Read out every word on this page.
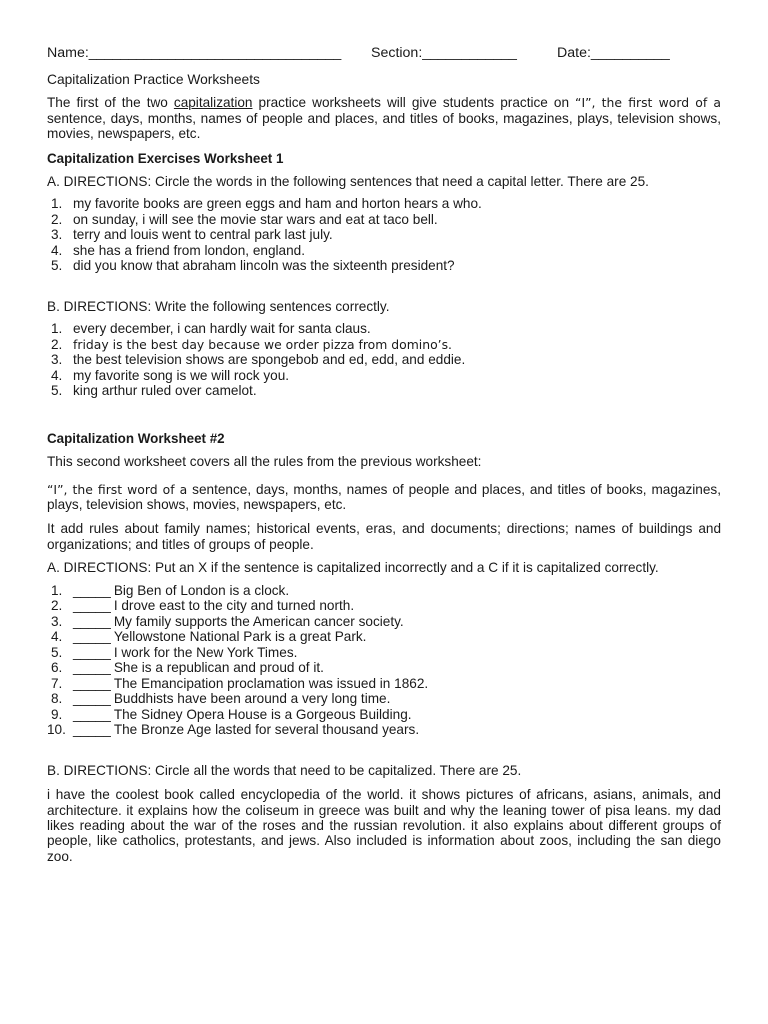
Name:________________________________ Section:____________	Date:__________
Capitalization Practice Worksheets

The first of the two capitalization practice worksheets will give students practice on “I”, the first word of a sentence, days, months, names of people and places, and titles of books, magazines, plays, television shows, movies, newspapers, etc.

Capitalization Exercises Worksheet 1
A. DIRECTIONS: Circle the words in the following sentences that need a capital letter. There are 25.
1. my favorite books are green eggs and ham and horton hears a who.
2. on sunday, i will see the movie star wars and eat at taco bell.
3. terry and louis went to central park last july.
4. she has a friend from london, england.
5. did you know that abraham lincoln was the sixteenth president?
B. DIRECTIONS: Write the following sentences correctly.
1. every december, i can hardly wait for santa claus.
2. friday is the best day because we order pizza from domino’s.
3. the best television shows are spongebob and ed, edd, and eddie.
4. my favorite song is we will rock you.
5. king arthur ruled over camelot.
Capitalization Worksheet #2
This second worksheet covers all the rules from the previous worksheet:

“I”, the first word of a sentence, days, months, names of people and places, and titles of books, magazines, plays, television shows, movies, newspapers, etc.

It add rules about family names; historical events, eras, and documents; directions; names of buildings and organizations; and titles of groups of people.

A. DIRECTIONS: Put an X if the sentence is capitalized incorrectly and a C if it is capitalized correctly.
1. _____ Big Ben of London is a clock.
2. _____ I drove east to the city and turned north.
3. _____ My family supports the American cancer society.
4. _____ Yellowstone National Park is a great Park.
5. _____ I work for the New York Times.
6. _____ She is a republican and proud of it.
7. _____ The Emancipation proclamation was issued in 1862.
8. _____ Buddhists have been around a very long time.
9. _____ The Sidney Opera House is a Gorgeous Building.
10. _____ The Bronze Age lasted for several thousand years.
B. DIRECTIONS: Circle all the words that need to be capitalized. There are 25.

i have the coolest book called encyclopedia of the world. it shows pictures of africans, asians, animals, and architecture. it explains how the coliseum in greece was built and why the leaning tower of pisa leans. my dad likes reading about the war of the roses and the russian revolution. it also explains about different groups of people, like catholics, protestants, and jews. Also included is information about zoos, including the san diego zoo.
